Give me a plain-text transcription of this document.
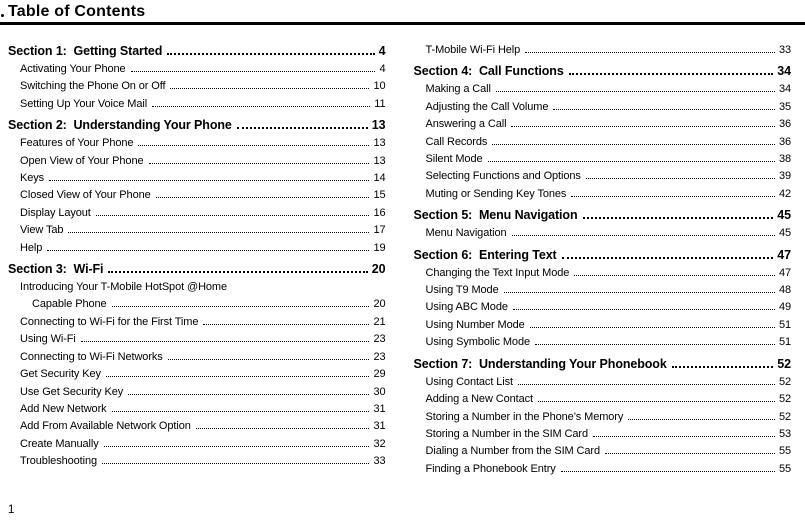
Table of Contents
Section 1:  Getting Started	4
Activating Your Phone	4
Switching the Phone On or Off	10
Setting Up Your Voice Mail	11
Section 2:  Understanding Your Phone	13
Features of Your Phone	13
Open View of Your Phone	13
Keys	14
Closed View of Your Phone	15
Display Layout	16
View Tab	17
Help	19
Section 3:  Wi-Fi	20
Introducing Your T-Mobile HotSpot @Home
Capable Phone	20
Connecting to Wi-Fi for the First Time	21
Using Wi-Fi	23
Connecting to Wi-Fi Networks	23
Get Security Key	29
Use Get Security Key	30
Add New Network	31
Add From Available Network Option	31
Create Manually	32
Troubleshooting	33
T-Mobile Wi-Fi Help	33
Section 4:  Call Functions	34
Making a Call	34
Adjusting the Call Volume	35
Answering a Call	36
Call Records	36
Silent Mode	38
Selecting Functions and Options	39
Muting or Sending Key Tones	42
Section 5:  Menu Navigation	45
Menu Navigation	45
Section 6:  Entering Text	47
Changing the Text Input Mode	47
Using T9 Mode	48
Using ABC Mode	49
Using Number Mode	51
Using Symbolic Mode	51
Section 7:  Understanding Your Phonebook	52
Using Contact List	52
Adding a New Contact	52
Storing a Number in the Phone’s Memory	52
Storing a Number in the SIM Card	53
Dialing a Number from the SIM Card	55
Finding a Phonebook Entry	55
1
